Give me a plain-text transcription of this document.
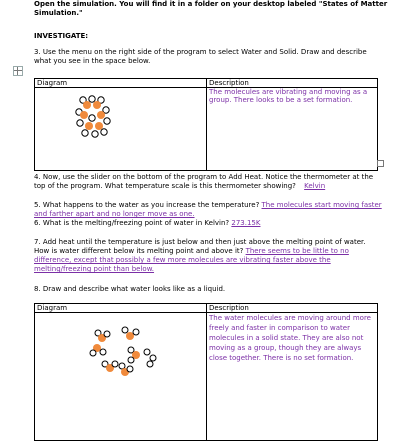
Open the simulation. You will find it in a folder on your desktop labeled "States of Matter
Simulation."
INVESTIGATE:
3. Use the menu on the right side of the program to select Water and Solid. Draw and describe
what you see in the space below.
Diagram	Description

The molecules are vibrating and moving as a
group. There looks to be a set formation.
4. Now, use the slider on the bottom of the program to Add Heat. Notice the thermometer at the
top of the program. What temperature scale is this thermometer showing? Kelvin
5. What happens to the water as you increase the temperature? The molecules start moving faster
and farther apart and no longer move as one.
6. What is the melting/freezing point of water in Kelvin? 273.15K
7. Add heat until the temperature is just below and then just above the melting point of water.
How is water different below its melting point and above it? There seems to be little to no
difference, except that possibly a few more molecules are vibrating faster above the
melting/freezing point than below.
8. Draw and describe what water looks like as a liquid.
Diagram	Description

The water molecules are moving around more
freely and faster in comparison to water
molecules in a solid state. They are also not
moving as a group, though they are always
close together. There is no set formation.
